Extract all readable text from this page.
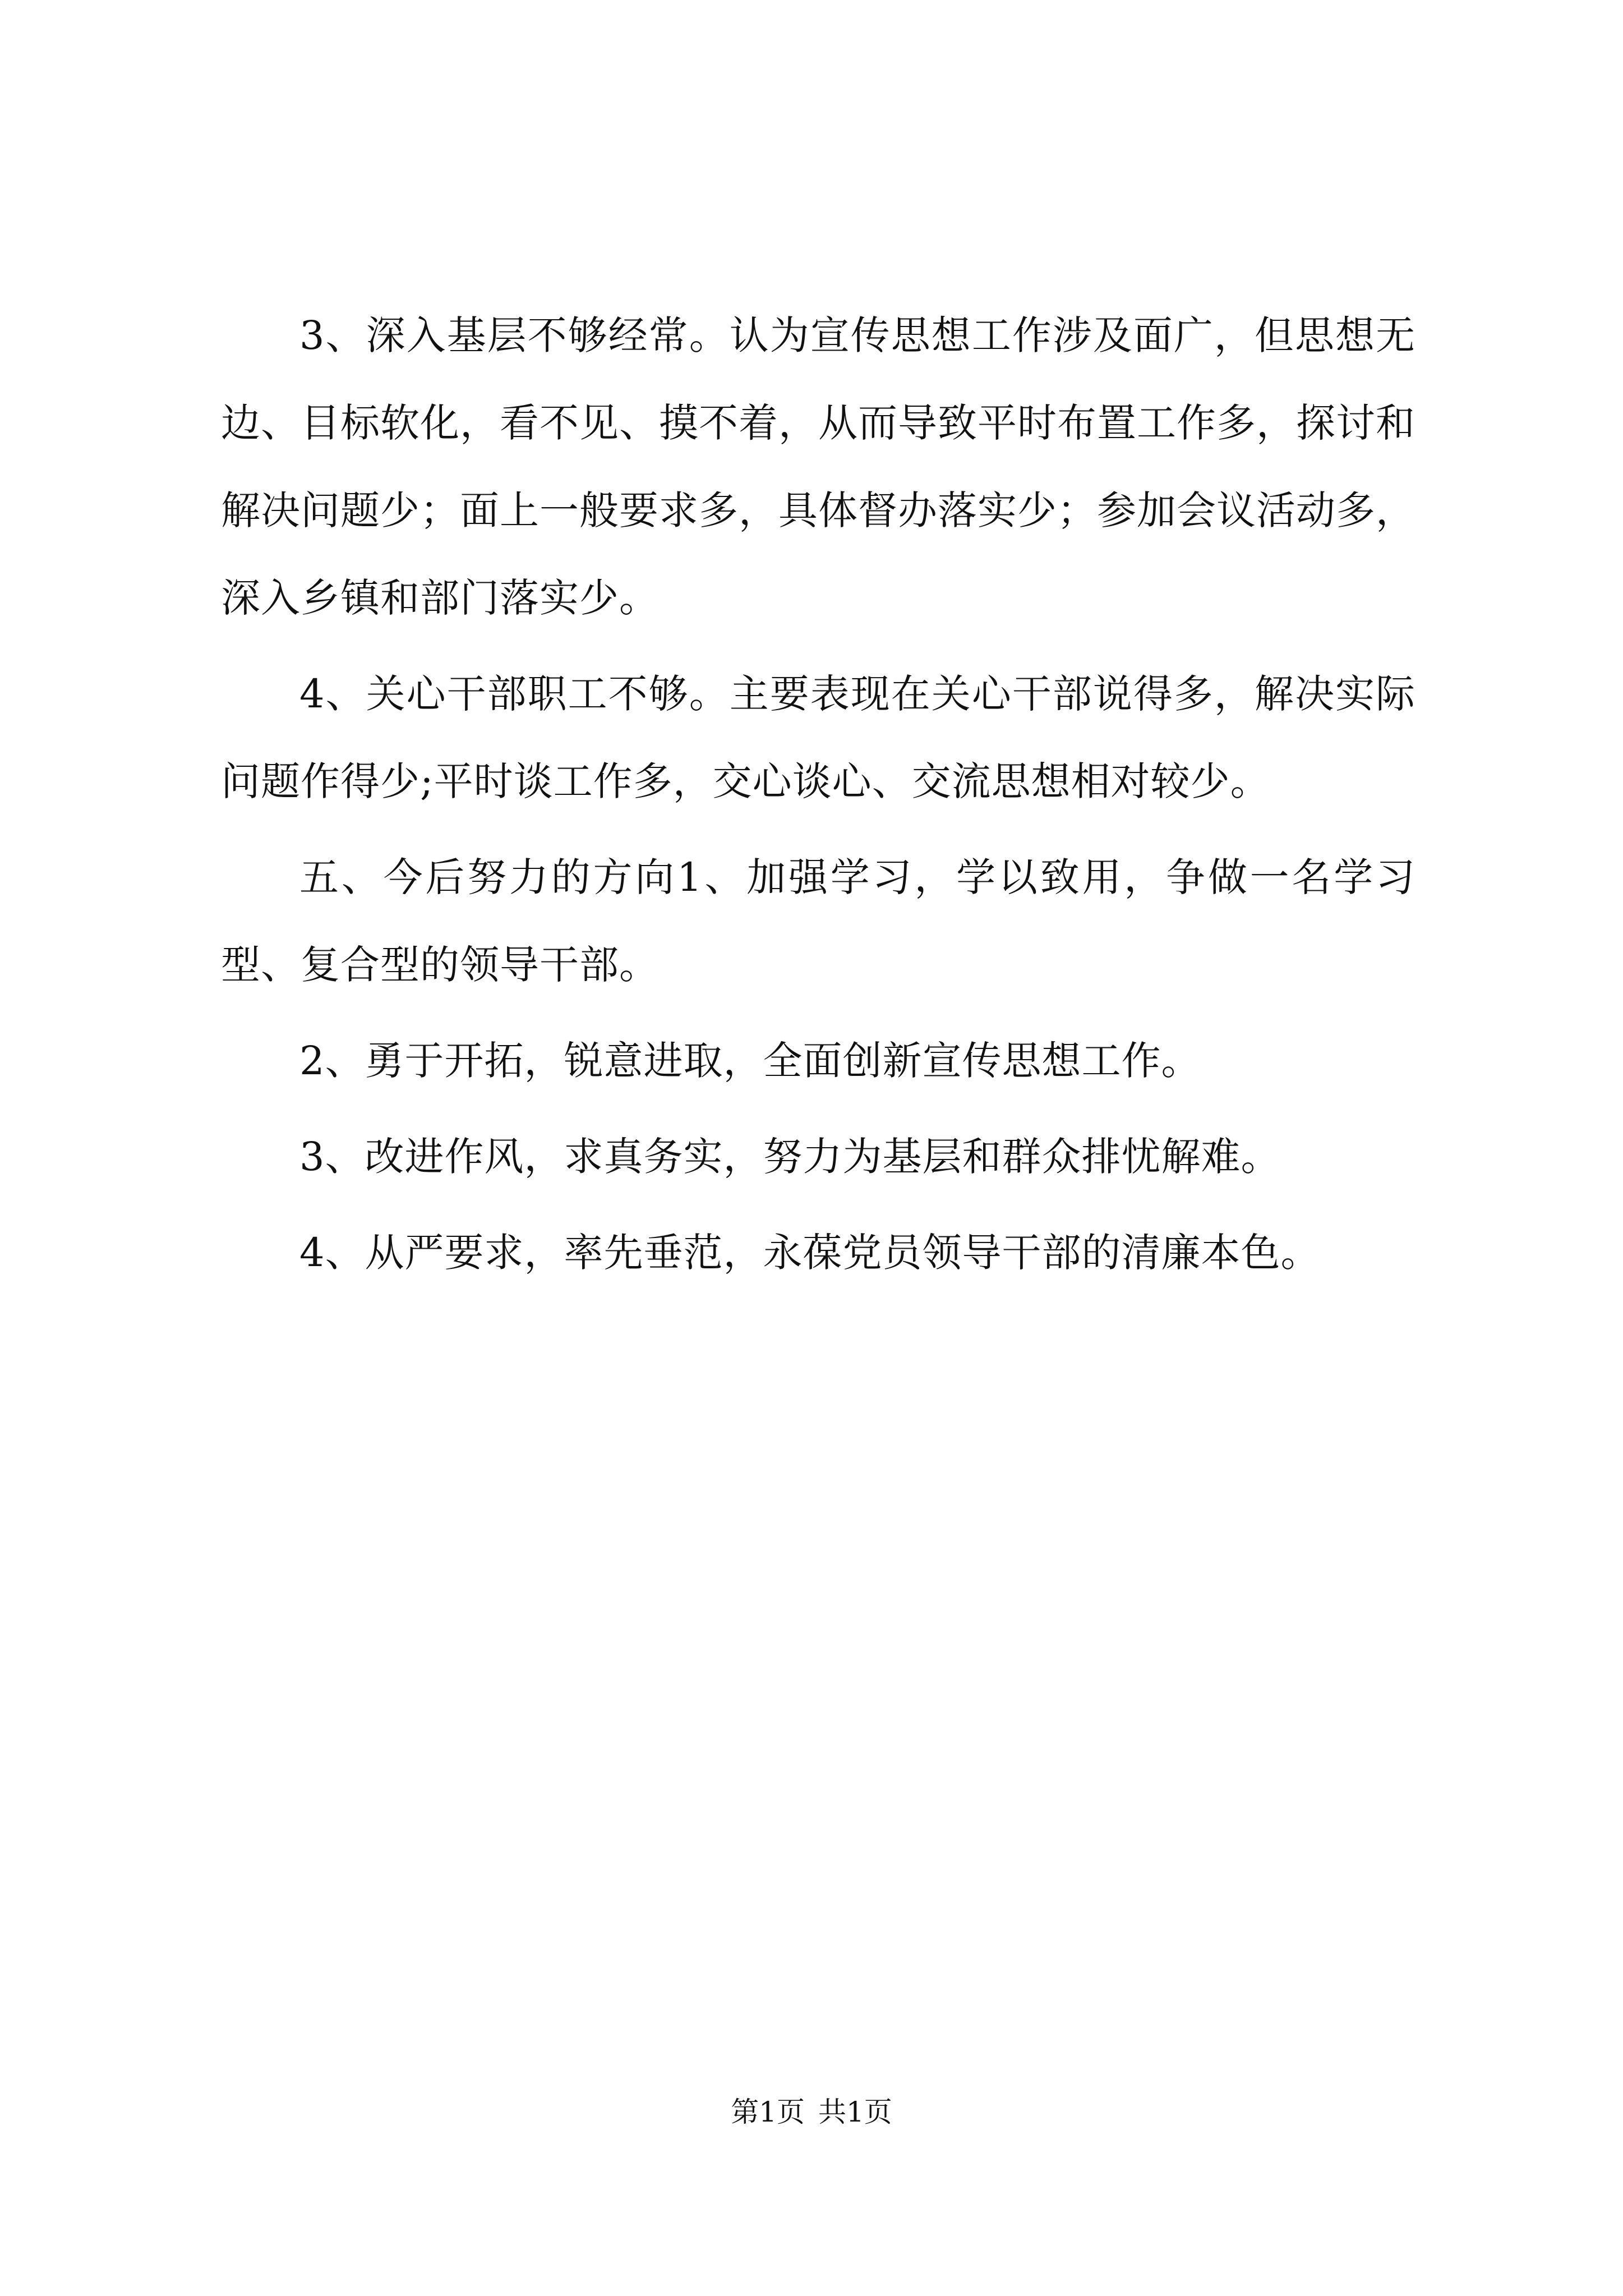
3、深入基层不够经常。认为宣传思想工作涉及面广，但思想无边、目标软化，看不见、摸不着，从而导致平时布置工作多，探讨和解决问题少；面上一般要求多，具体督办落实少；参加会议活动多，深入乡镇和部门落实少。

4、关心干部职工不够。主要表现在关心干部说得多，解决实际问题作得少;平时谈工作多，交心谈心、交流思想相对较少。

五、今后努力的方向1、加强学习，学以致用，争做一名学习型、复合型的领导干部。

2、勇于开拓，锐意进取，全面创新宣传思想工作。

3、改进作风，求真务实，努力为基层和群众排忧解难。

4、从严要求，率先垂范，永葆党员领导干部的清廉本色。

第1页 共1页
